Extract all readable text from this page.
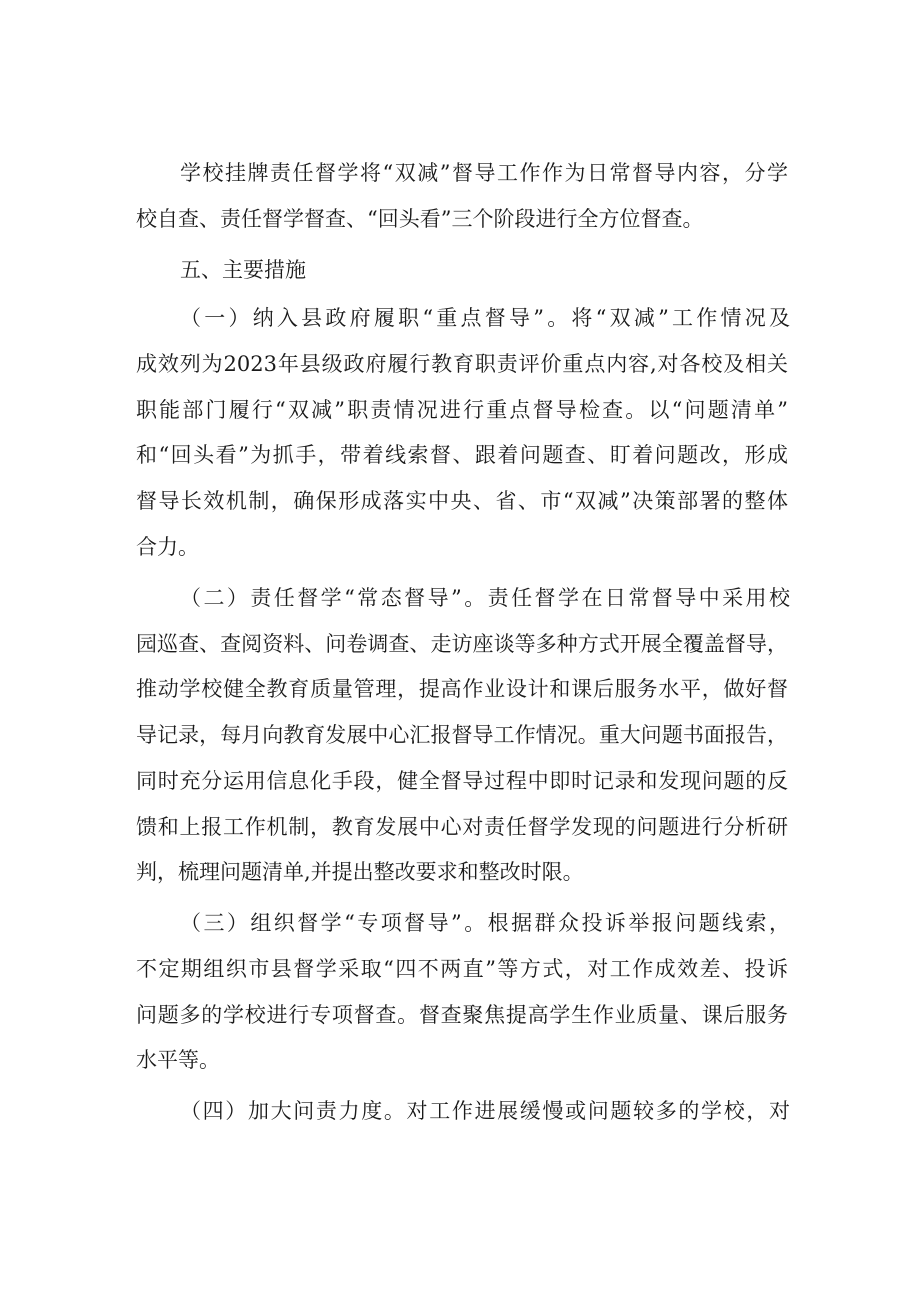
学校挂牌责任督学将“双减”督导工作作为日常督导内容，分学
校自查、责任督学督查、“回头看”三个阶段进行全方位督查。
五、主要措施
（一）纳入县政府履职“重点督导”。将“双减”工作情况及
成效列为2023年县级政府履行教育职责评价重点内容,对各校及相关
职能部门履行“双减”职责情况进行重点督导检查。以“问题清单”
和“回头看”为抓手，带着线索督、跟着问题查、盯着问题改，形成
督导长效机制，确保形成落实中央、省、市“双减”决策部署的整体
合力。
（二）责任督学“常态督导”。责任督学在日常督导中采用校
园巡查、查阅资料、问卷调查、走访座谈等多种方式开展全覆盖督导，
推动学校健全教育质量管理，提高作业设计和课后服务水平，做好督
导记录，每月向教育发展中心汇报督导工作情况。重大问题书面报告，
同时充分运用信息化手段，健全督导过程中即时记录和发现问题的反
馈和上报工作机制，教育发展中心对责任督学发现的问题进行分析研
判，梳理问题清单,并提出整改要求和整改时限。
（三）组织督学“专项督导”。根据群众投诉举报问题线索，
不定期组织市县督学采取“四不两直”等方式，对工作成效差、投诉
问题多的学校进行专项督查。督查聚焦提高学生作业质量、课后服务
水平等。
（四）加大问责力度。对工作进展缓慢或问题较多的学校，对
